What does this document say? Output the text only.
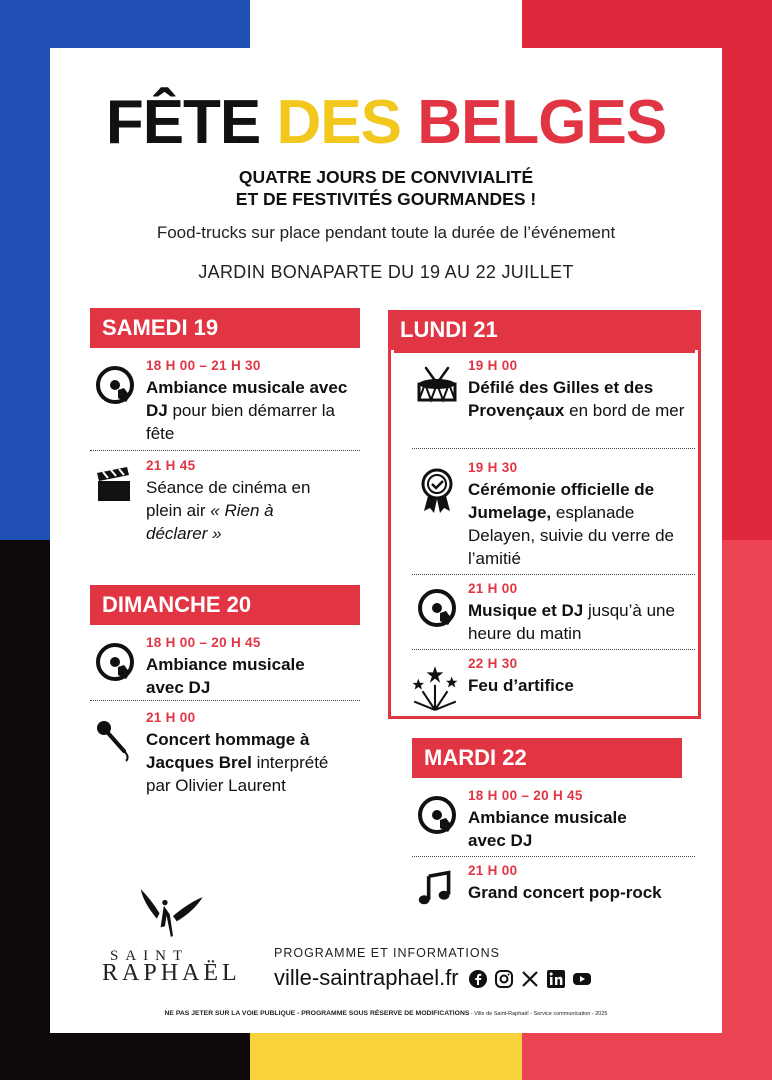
FÊTE DES BELGES
QUATRE JOURS DE CONVIVIALITÉ
ET DE FESTIVITÉS GOURMANDES !
Food-trucks sur place pendant toute la durée de l’événement
JARDIN BONAPARTE DU 19 AU 22 JUILLET
SAMEDI 19
18 H 00 – 21 H 30
Ambiance musicale avec DJ pour bien démarrer la fête
21 H 45
Séance de cinéma en plein air « Rien à déclarer »
DIMANCHE 20
18 H 00 – 20 H 45
Ambiance musicale avec DJ
21 H 00
Concert hommage à Jacques Brel interprété par Olivier Laurent
LUNDI 21
19 H 00
Défilé des Gilles et des Provençaux en bord de mer
19 H 30
Cérémonie officielle de Jumelage, esplanade Delayen, suivie du verre de l’amitié
21 H 00
Musique et DJ jusqu’à une heure du matin
22 H 30
Feu d’artifice
MARDI 22
18 H 00 – 20 H 45
Ambiance musicale avec DJ
21 H 00
Grand concert pop-rock
SAINT
RAPHAËL
PROGRAMME ET INFORMATIONS
ville-saintraphael.fr
NE PAS JETER SUR LA VOIE PUBLIQUE - PROGRAMME SOUS RÉSERVE DE MODIFICATIONS - Ville de Saint-Raphaël - Service communication - 2025
